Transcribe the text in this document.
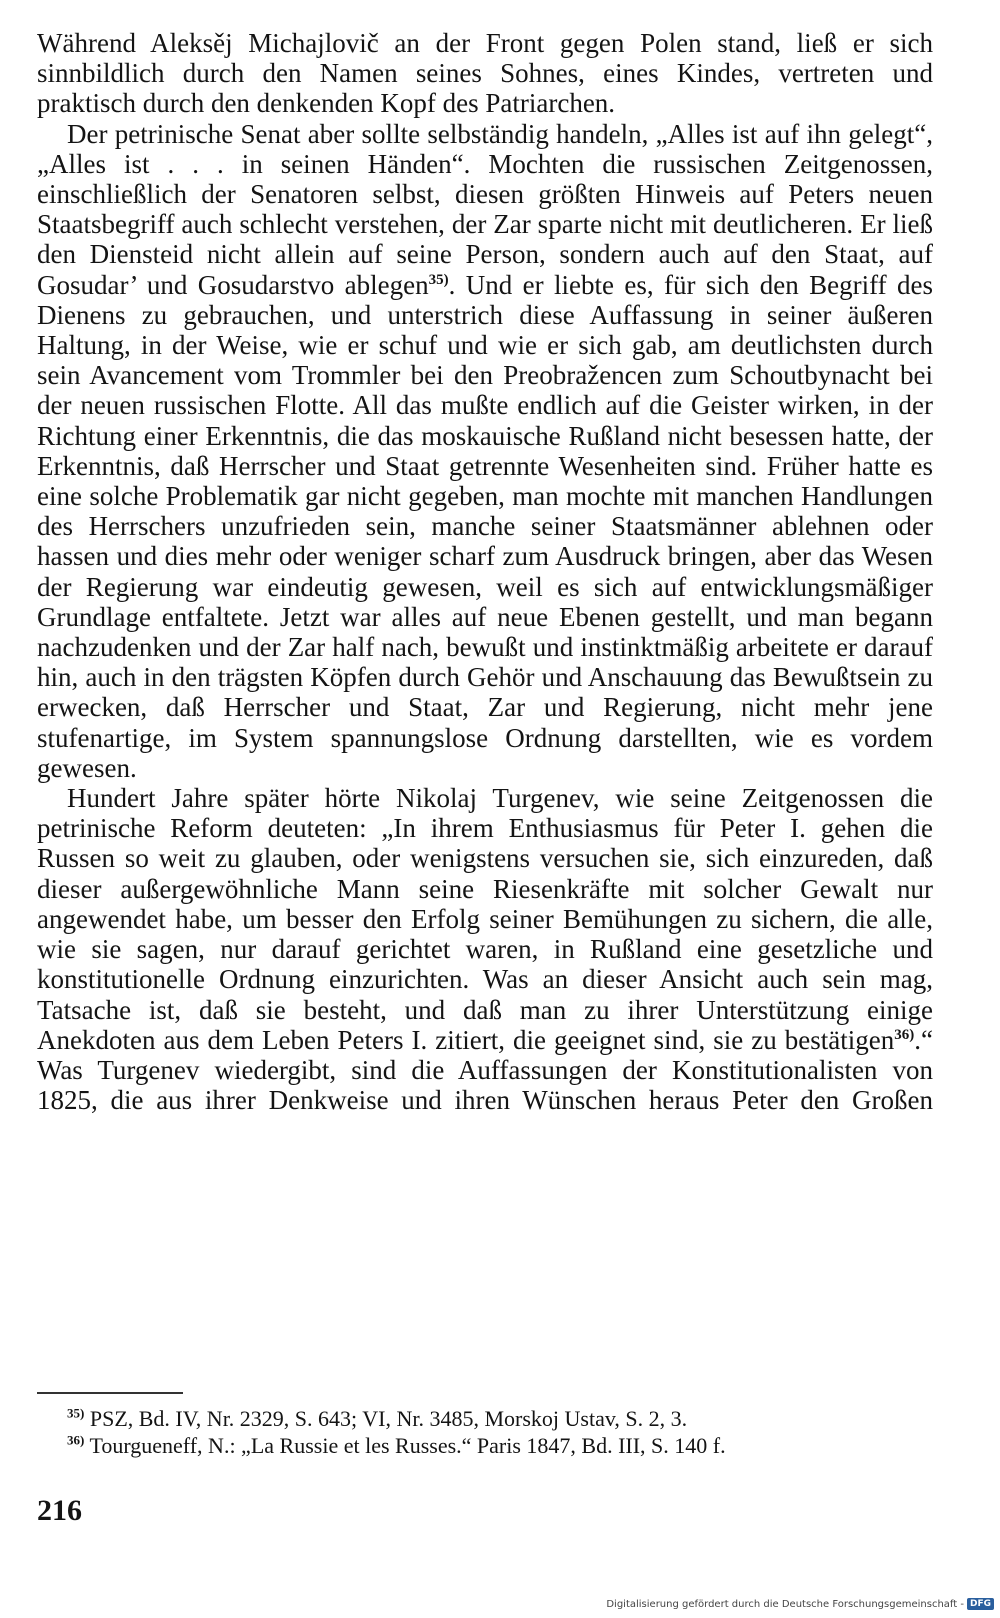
Während Aleksěj Michajlovič an der Front gegen Polen stand, ließ er sich sinnbildlich durch den Namen seines Sohnes, eines Kindes, vertreten und praktisch durch den denkenden Kopf des Patriarchen.

Der petrinische Senat aber sollte selbständig handeln, „Alles ist auf ihn gelegt“, „Alles ist . . . in seinen Händen“. Mochten die russischen Zeitgenossen, einschließlich der Senatoren selbst, diesen größten Hinweis auf Peters neuen Staatsbegriff auch schlecht verstehen, der Zar sparte nicht mit deutlicheren. Er ließ den Diensteid nicht allein auf seine Person, sondern auch auf den Staat, auf Gosudar’ und Gosudarstvo ablegen$^{35)}$. Und er liebte es, für sich den Begriff des Dienens zu gebrauchen, und unterstrich diese Auffassung in seiner äußeren Haltung, in der Weise, wie er schuf und wie er sich gab, am deutlichsten durch sein Avancement vom Trommler bei den Preobražencen zum Schoutbynacht bei der neuen russischen Flotte. All das mußte endlich auf die Geister wirken, in der Richtung einer Erkenntnis, die das moskauische Rußland nicht besessen hatte, der Erkenntnis, daß Herrscher und Staat getrennte Wesenheiten sind. Früher hatte es eine solche Problematik gar nicht gegeben, man mochte mit manchen Handlungen des Herrschers unzufrieden sein, manche seiner Staatsmänner ablehnen oder hassen und dies mehr oder weniger scharf zum Ausdruck bringen, aber das Wesen der Regierung war eindeutig gewesen, weil es sich auf entwicklungsmäßiger Grundlage entfaltete. Jetzt war alles auf neue Ebenen gestellt, und man begann nachzudenken und der Zar half nach, bewußt und instinktmäßig arbeitete er darauf hin, auch in den trägsten Köpfen durch Gehör und Anschauung das Bewußtsein zu erwecken, daß Herrscher und Staat, Zar und Regierung, nicht mehr jene stufenartige, im System spannungslose Ordnung darstellten, wie es vordem gewesen.

Hundert Jahre später hörte Nikolaj Turgenev, wie seine Zeitgenossen die petrinische Reform deuteten: „In ihrem Enthusiasmus für Peter I. gehen die Russen so weit zu glauben, oder wenigstens versuchen sie, sich einzureden, daß dieser außergewöhnliche Mann seine Riesenkräfte mit solcher Gewalt nur angewendet habe, um besser den Erfolg seiner Bemühungen zu sichern, die alle, wie sie sagen, nur darauf gerichtet waren, in Rußland eine gesetzliche und konstitutionelle Ordnung einzurichten. Was an dieser Ansicht auch sein mag, Tatsache ist, daß sie besteht, und daß man zu ihrer Unterstützung einige Anekdoten aus dem Leben Peters I. zitiert, die geeignet sind, sie zu bestätigen$^{36)}$.“ Was Turgenev wiedergibt, sind die Auffassungen der Konstitutionalisten von 1825, die aus ihrer Denkweise und ihren Wünschen heraus Peter den Großen

$^{35)}$ PSZ, Bd. IV, Nr. 2329, S. 643; VI, Nr. 3485, Morskoj Ustav, S. 2, 3.

$^{36)}$ Tourgueneff, N.: „La Russie et les Russes.“ Paris 1847, Bd. III, S. 140 f.

216
Digitalisierung gefördert durch die Deutsche Forschungsgemeinschaft - DFG
